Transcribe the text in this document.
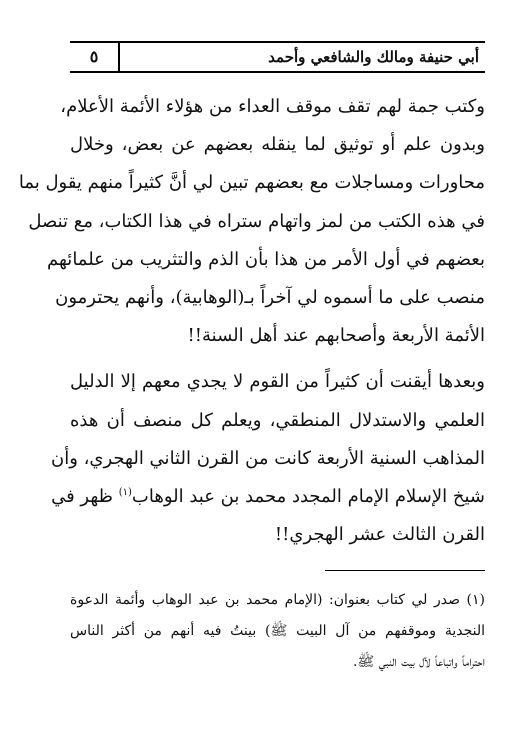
٥	أبي حنيفة ومالك والشافعي وأحمد
وكتب جمة لهم تقف موقف العداء من هؤلاء الأئمة الأعلام،
وبدون علم أو توثيق لما ينقله بعضهم عن بعض، وخلال
محاورات ومساجلات مع بعضهم تبين لي أنَّ كثيراً منهم يقول بما
في هذه الكتب من لمز واتهام ستراه في هذا الكتاب، مع تنصل
بعضهم في أول الأمر من هذا بأن الذم والتثريب من علمائهم
منصب على ما أسموه لي آخراً بـ(الوهابية)، وأنهم يحترمون
الأئمة الأربعة وأصحابهم عند أهل السنة!!
وبعدها أيقنت أن كثيراً من القوم لا يجدي معهم إلا الدليل
العلمي والاستدلال المنطقي، ويعلم كل منصف أن هذه
المذاهب السنية الأربعة كانت من القرن الثاني الهجري، وأن
شيخ الإسلام الإمام المجدد محمد بن عبد الوهاب$^{(١)}$ ظهر في
القرن الثالث عشر الهجري!!
(١) صدر لي كتاب بعنوان: (الإمام محمد بن عبد الوهاب وأئمة الدعوة
النجدية وموقفهم من آل البيت ﷺ) بينتُ فيه أنهم من أكثر الناس
احتراماً واتباعاً لآل بيت النبي ﷺ.
